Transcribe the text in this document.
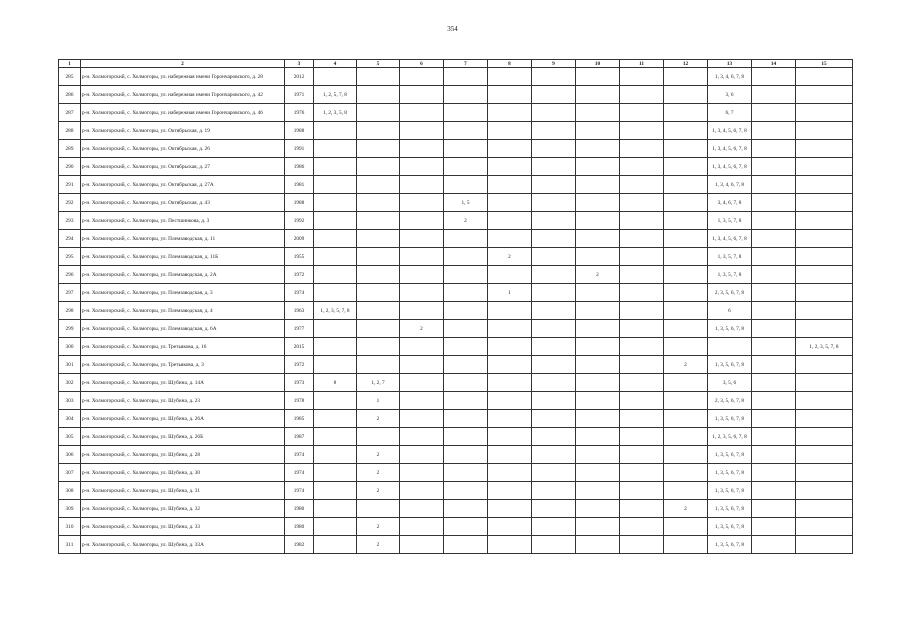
354
1	2	3	4	5	6	7	8	9	10	11	12	13	14	15
285	р-н. Холмогорский, с. Холмогоры, ул. набережная имени Горончаровского, д. 28	2012										1, 3, 4, 6, 7, 8		
286	р-н. Холмогорский, с. Холмогоры, ул. набережная имени Горончаровского, д. 42	1971	1, 2, 5, 7, 8									3, 6		
287	р-н. Холмогорский, с. Холмогоры, ул. набережная имени Горончаровского, д. 46	1976	1, 2, 3, 5, 8									6, 7		
288	р-н. Холмогорский, с. Холмогоры, ул. Октябрьская, д. 19	1988										1, 3, 4, 5, 6, 7, 8		
289	р-н. Холмогорский, с. Холмогоры, ул. Октябрьская, д. 26	1991										1, 3, 4, 5, 6, 7, 8		
290	р-н. Холмогорский, с. Холмогоры, ул. Октябрьская, д. 27	1986										1, 3, 4, 5, 6, 7, 8		
291	р-н. Холмогорский, с. Холмогоры, ул. Октябрьская, д. 27А	1981										1, 3, 4, 6, 7, 8		
292	р-н. Холмогорский, с. Холмогоры, ул. Октябрьская, д. 43	1988				1, 5						3, 4, 6, 7, 8		
293	р-н. Холмогорский, с. Холмогоры, ул. Пестшникова, д. 3	1992				2						1, 3, 5, 7, 8		
294	р-н. Холмогорский, с. Холмогоры, ул. Племзаводская, д. 11	2009										1, 3, 4, 5, 6, 7, 8		
295	р-н. Холмогорский, с. Холмогоры, ул. Племзаводская, д. 11Б	1955					2					1, 3, 5, 7, 8		
296	р-н. Холмогорский, с. Холмогоры, ул. Племзаводская, д. 2А	1972							2			1, 3, 5, 7, 8		
297	р-н. Холмогорский, с. Холмогоры, ул. Племзаводская, д. 3	1974					1					2, 3, 5, 6, 7, 8		
298	р-н. Холмогорский, с. Холмогоры, ул. Племзаводская, д. 4	1963	1, 2, 3, 5, 7, 8									6		
299	р-н. Холмогорский, с. Холмогоры, ул. Племзаводская, д. 6А	1977			2							1, 3, 5, 6, 7, 8		
300	р-н. Холмогорский, с. Холмогоры, ул. Третьякова, д. 16	2015												1, 2, 3, 5, 7, 8
301	р-н. Холмогорский, с. Холмогоры, ул. Третьякова, д. 3	1972									2	1, 3, 5, 6, 7, 8		
302	р-н. Холмогорский, с. Холмогоры, ул. Шубина, д. 14А	1973	8	1, 2, 7								3, 5, 6		
303	р-н. Холмогорский, с. Холмогоры, ул. Шубина, д. 23	1978		1								2, 3, 5, 6, 7, 8		
304	р-н. Холмогорский, с. Холмогоры, ул. Шубина, д. 26А	1985		2								1, 3, 5, 6, 7, 8		
305	р-н. Холмогорский, с. Холмогоры, ул. Шубина, д. 26Б	1987										1, 2, 3, 5, 6, 7, 8		
306	р-н. Холмогорский, с. Холмогоры, ул. Шубина, д. 28	1974		2								1, 3, 5, 6, 7, 8		
307	р-н. Холмогорский, с. Холмогоры, ул. Шубина, д. 30	1974		2								1, 3, 5, 6, 7, 8		
308	р-н. Холмогорский, с. Холмогоры, ул. Шубина, д. 31	1974		2								1, 3, 5, 6, 7, 8		
309	р-н. Холмогорский, с. Холмогоры, ул. Шубина, д. 32	1980									2	1, 3, 5, 6, 7, 8		
310	р-н. Холмогорский, с. Холмогоры, ул. Шубина, д. 33	1980		2								1, 3, 5, 6, 7, 8		
311	р-н. Холмогорский, с. Холмогоры, ул. Шубина, д. 33А	1982		2								1, 3, 5, 6, 7, 8		
